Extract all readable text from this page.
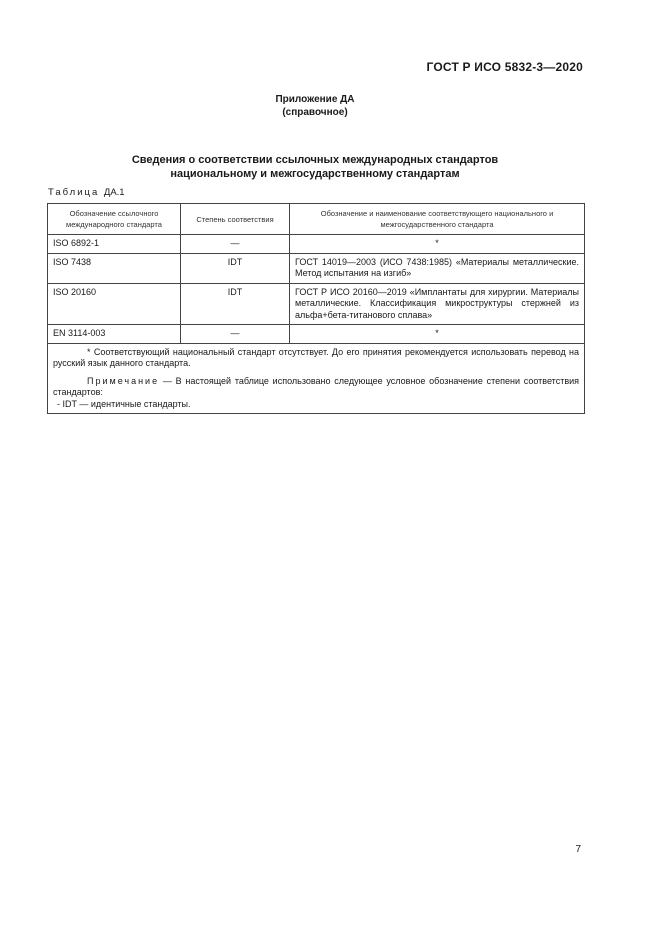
ГОСТ Р ИСО 5832-3—2020
Приложение ДА
(справочное)
Сведения о соответствии ссылочных международных стандартов
национальному и межгосударственному стандартам
Таблица ДА.1
Обозначение ссылочного международного стандарта	Степень соответствия	Обозначение и наименование соответствующего национального и межгосударственного стандарта
ISO 6892-1	—	*
ISO 7438	IDT	ГОСТ 14019—2003 (ИСО 7438:1985) «Материалы металлические. Метод испытания на изгиб»
ISO 20160	IDT	ГОСТ Р ИСО 20160—2019 «Имплантаты для хирургии. Материалы металлические. Классификация микроструктуры стержней из альфа+бета-титанового сплава»
EN 3114-003	—	*

* Соответствующий национальный стандарт отсутствует. До его принятия рекомендуется использовать перевод на русский язык данного стандарта.

Примечание — В настоящей таблице использовано следующее условное обозначение степени соответствия стандартов:

- IDT — идентичные стандарты.		

7
